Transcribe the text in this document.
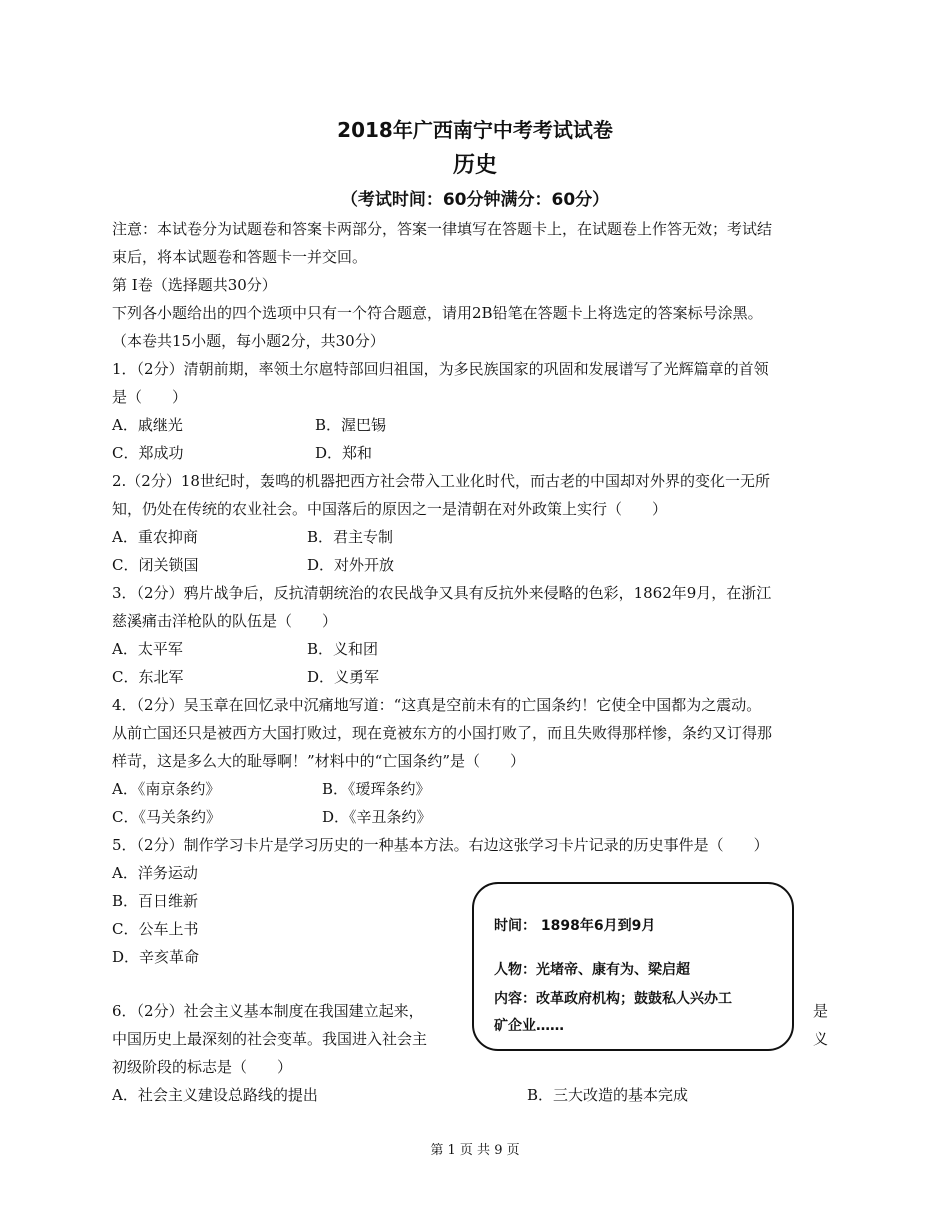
2018年广西南宁中考考试试卷
历史
（考试时间：60分钟满分：60分）
注意：本试卷分为试题卷和答案卡两部分，答案一律填写在答题卡上，在试题卷上作答无效；考试结
束后，将本试题卷和答题卡一并交回。
第 Ⅰ卷（选择题共30分）
下列各小题给出的四个选项中只有一个符合题意，请用2B铅笔在答题卡上将选定的答案标号涂黑。
（本卷共15小题，每小题2分，共30分）
1．（2分）清朝前期，率领土尔扈特部回归祖国，为多民族国家的巩固和发展谱写了光辉篇章的首领
是（　　）
A．戚继光	B．渥巴锡
C．郑成功	D．郑和
2.（2分）18世纪时，轰鸣的机器把西方社会带入工业化时代，而古老的中国却对外界的变化一无所
知，仍处在传统的农业社会。中国落后的原因之一是清朝在对外政策上实行（　　）
A．重农抑商	B．君主专制
C．闭关锁国	D．对外开放
3．（2分）鸦片战争后，反抗清朝统治的农民战争又具有反抗外来侵略的色彩，1862年9月，在浙江
慈溪痛击洋枪队的队伍是（　　）
A．太平军	B．义和团
C．东北军	D．义勇军
4．（2分）吴玉章在回忆录中沉痛地写道：“这真是空前未有的亡国条约！它使全中国都为之震动。
从前亡国还只是被西方大国打败过，现在竟被东方的小国打败了，而且失败得那样惨，条约又订得那
样苛，这是多么大的耻辱啊！”材料中的“亡国条约”是（　　）
A．《南京条约》	B．《瑷珲条约》
C．《马关条约》	D．《辛丑条约》
5．（2分）制作学习卡片是学习历史的一种基本方法。右边这张学习卡片记录的历史事件是（　　）
A．洋务运动
B．百日维新
C．公车上书
D．辛亥革命
时间： 1898年6月到9月
人物：光堵帝、康有为、梁启超
内容：改革政府机构；鼓鼓私人兴办工
矿企业……
6．（2分）社会主义基本制度在我国建立起来，
中国历史上最深刻的社会变革。我国进入社会主
初级阶段的标志是（　　）
是
义
A．社会主义建设总路线的提出	B．三大改造的基本完成
第 1 页 共 9 页
